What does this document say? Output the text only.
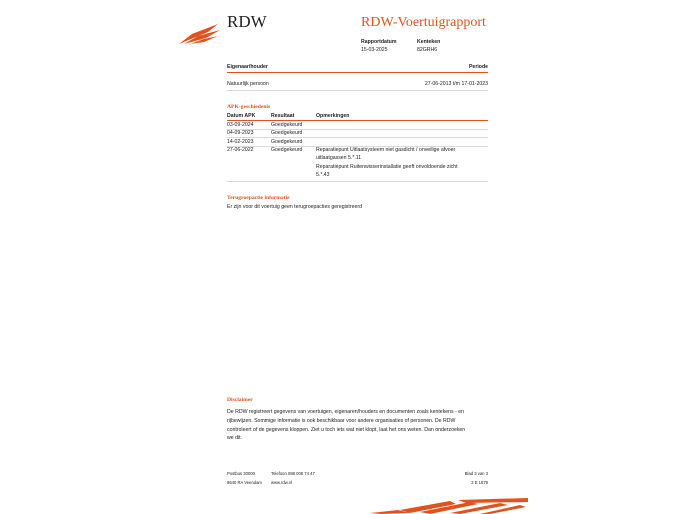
RDW	RDW-Voertuigrapport
Rapportdatum
15-03-2025
Kenteken
82GRH6
Eigenaar/houder	Periode
Natuurlijk persoon	27-06-2013 t/m 17-01-2023
APK-geschiedenis
Datum APK	Resultaat	Opmerkingen
03-09-2024	Goedgekeurd
04-09-2023	Goedgekeurd
14-02-2023	Goedgekeurd
27-06-2022	Goedgekeurd	Reparatiepunt Uitlaatsysteem niet gasdicht / onveilige afvoer
uitlaatgassen 5.*.11
Reparatiepunt Ruitenwisserinstallatie geeft onvoldoende zicht
5.*.43
Terugroepactie informatie
Er zijn voor dit voertuig geen terugroepacties geregistreerd
Disclaimer
De RDW registreert gegevens van voertuigen, eigenaren/houders en documenten zoals kentekens - en
rijbewijzen. Sommige informatie is ook beschikbaar voor andere organisaties of personen. De RDW
controleert of de gegevens kloppen. Ziet u toch iets wat niet klopt, laat het ons weten. Dan onderzoeken
we dit.
Postbus 30000
9640 RA Veendam
Telefoon 088 008 74 47
www.rdw.nl
Blad 3 van 3
2 E 1679
